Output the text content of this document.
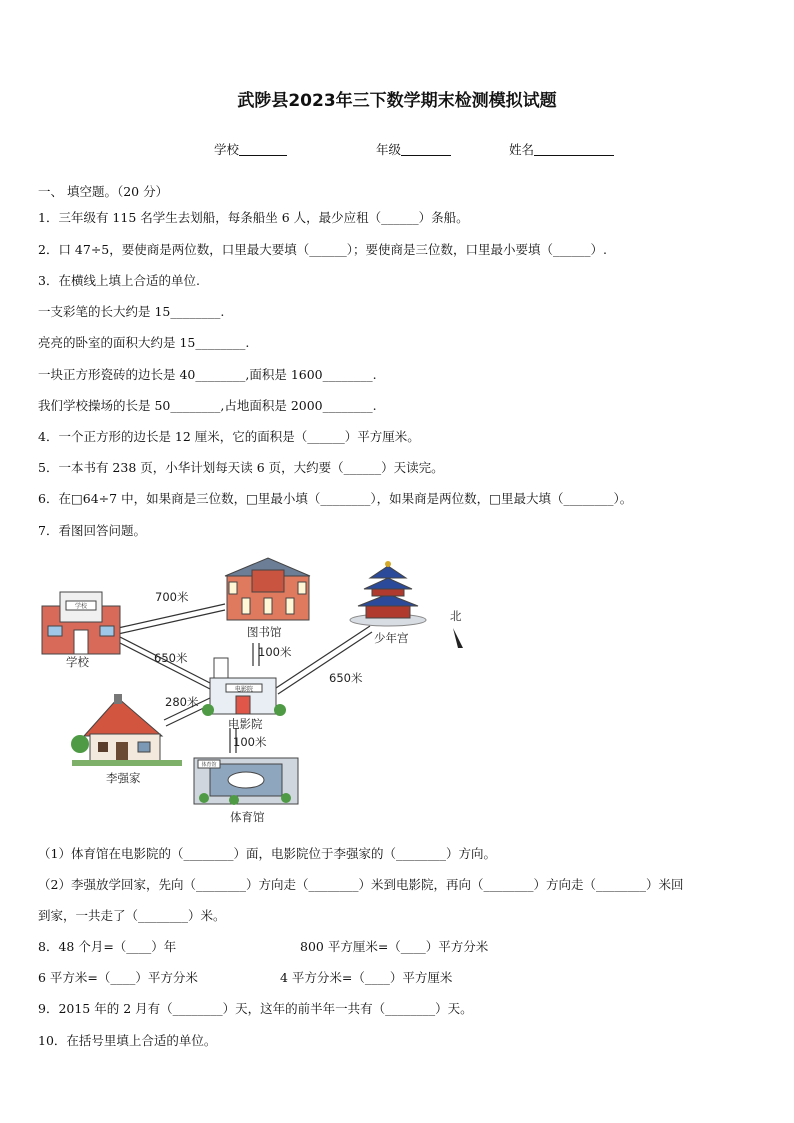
武陟县2023年三下数学期末检测模拟试题
学校	年级	姓名
一、 填空题。（20 分）
1．三年级有 115 名学生去划船，每条船坐 6 人，最少应租（______）条船。
2．口 47÷5，要使商是两位数，口里最大要填（______）；要使商是三位数，口里最小要填（______）.
3．在横线上填上合适的单位.
一支彩笔的长大约是 15________.
亮亮的卧室的面积大约是 15________.
一块正方形瓷砖的边长是 40________,面积是 1600________.
我们学校操场的长是 50________,占地面积是 2000________.
4．一个正方形的边长是 12 厘米，它的面积是（______）平方厘米。
5．一本书有 238 页，小华计划每天读 6 页，大约要（______）天读完。
6．在□64÷7 中，如果商是三位数，□里最小填（________），如果商是两位数，□里最大填（________）。
7．看图回答问题。
学校
学校
图书馆	少年宫
北
电影院
电影院
李强家
体育馆
体育馆
700米
100米
650米
650米
280米
100米
（1）体育馆在电影院的（________）面，电影院位于李强家的（________）方向。
（2）李强放学回家，先向（________）方向走（________）米到电影院，再向（________）方向走（________）米回
到家，一共走了（________）米。
8．48 个月=（____）年	800 平方厘米=（____）平方分米
6 平方米=（____）平方分米	4 平方分米=（____）平方厘米
9．2015 年的 2 月有（________）天，这年的前半年一共有（________）天。
10．在括号里填上合适的单位。
